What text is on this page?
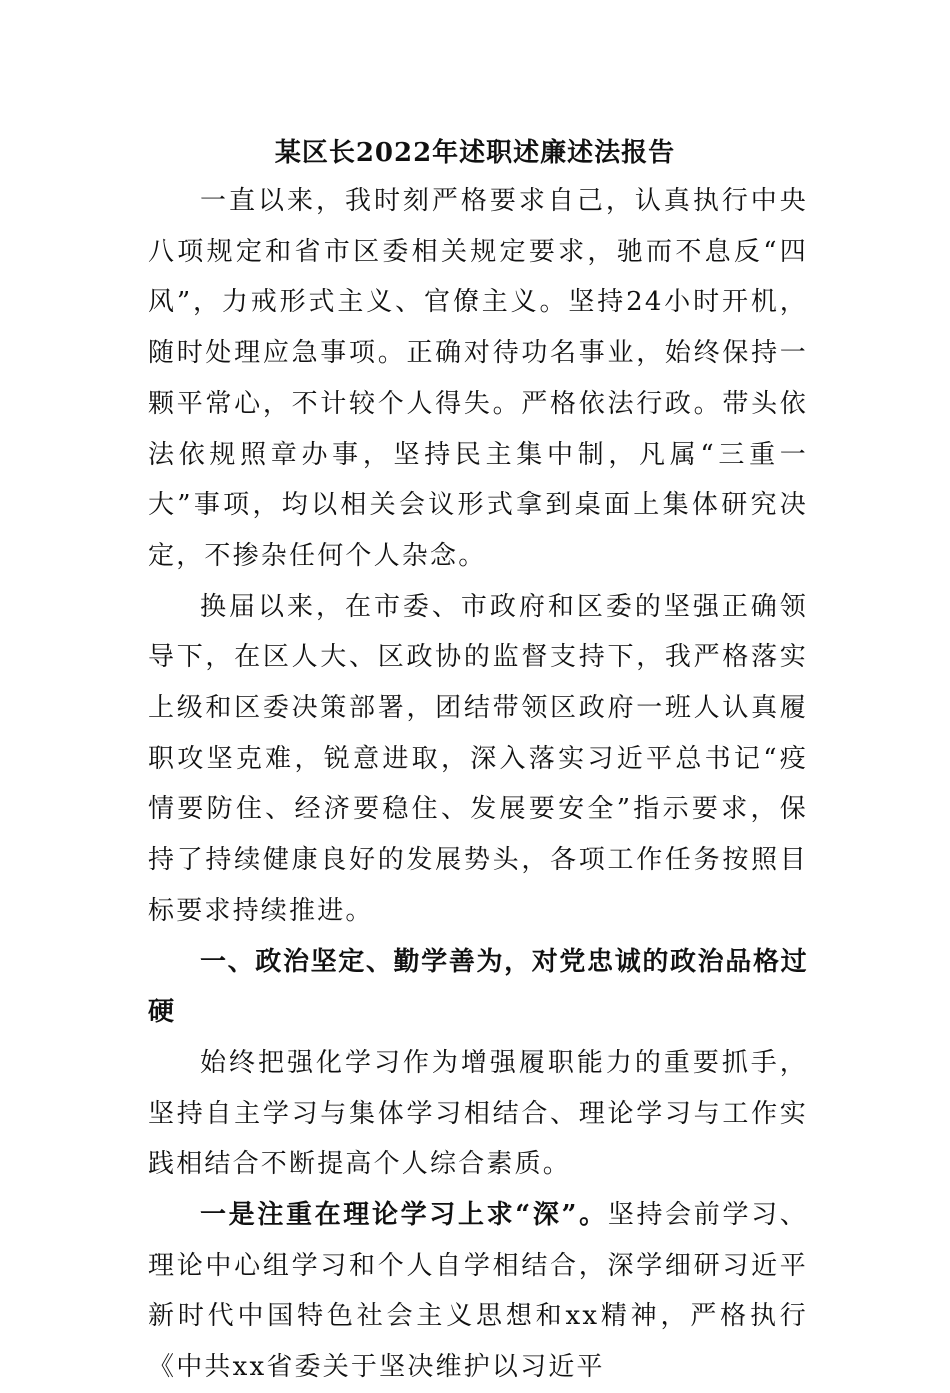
某区长2022年述职述廉述法报告

一直以来，我时刻严格要求自己，认真执行中央八项规定和省市区委相关规定要求，驰而不息反“四风”，力戒形式主义、官僚主义。坚持24小时开机，随时处理应急事项。正确对待功名事业，始终保持一颗平常心，不计较个人得失。严格依法行政。带头依法依规照章办事，坚持民主集中制，凡属“三重一大”事项，均以相关会议形式拿到桌面上集体研究决定，不掺杂任何个人杂念。

换届以来，在市委、市政府和区委的坚强正确领导下，在区人大、区政协的监督支持下，我严格落实上级和区委决策部署，团结带领区政府一班人认真履职攻坚克难，锐意进取，深入落实习近平总书记“疫情要防住、经济要稳住、发展要安全”指示要求，保持了持续健康良好的发展势头，各项工作任务按照目标要求持续推进。

一、政治坚定、勤学善为，对党忠诚的政治品格过硬

始终把强化学习作为增强履职能力的重要抓手，坚持自主学习与集体学习相结合、理论学习与工作实践相结合不断提高个人综合素质。

一是注重在理论学习上求“深”。坚持会前学习、理论中心组学习和个人自学相结合，深学细研习近平新时代中国特色社会主义思想和xx精神，严格执行《中共xx省委关于坚决维护以习近平
